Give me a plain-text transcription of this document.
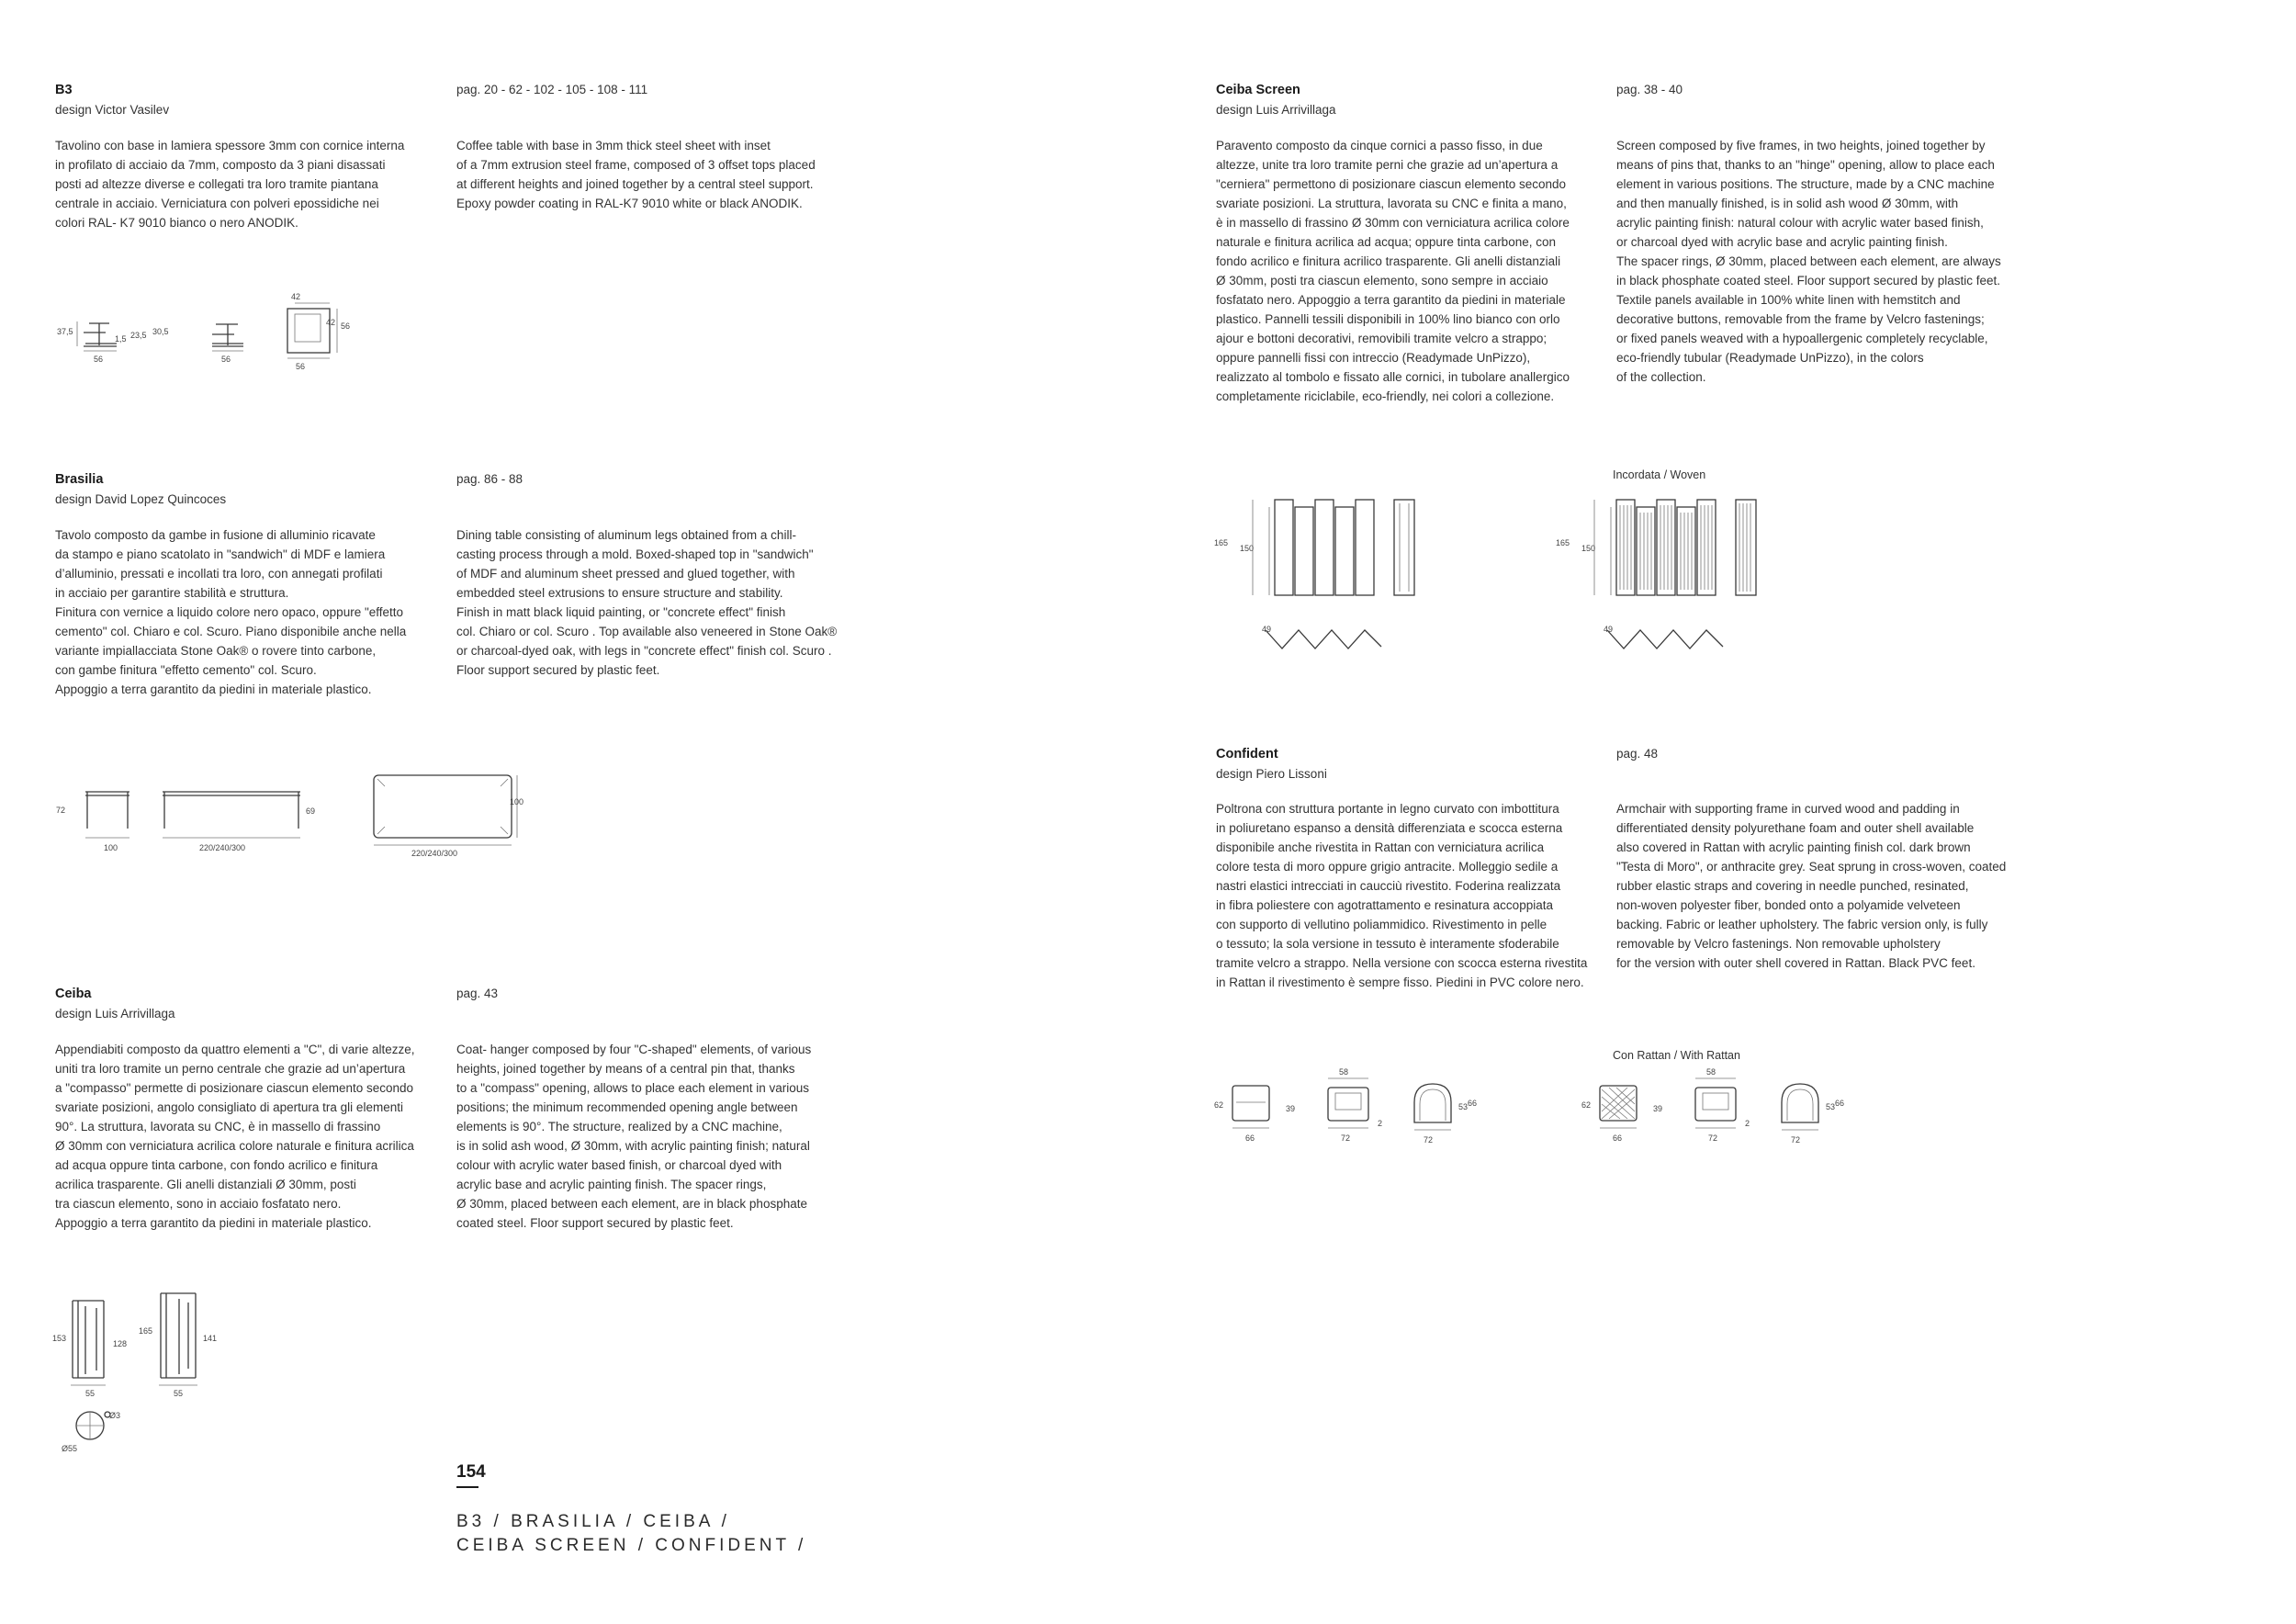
B3
design Victor Vasilev
pag. 20 - 62 - 102 - 105 - 108 - 111
Tavolino con base in lamiera spessore 3mm con cornice interna
in profilato di acciaio da 7mm, composto da 3 piani disassati
posti ad altezze diverse e collegati tra loro tramite piantana
centrale in acciaio. Verniciatura con polveri epossidiche nei
colori RAL- K7 9010 bianco o nero ANODIK.
Coffee table with base in 3mm thick steel sheet with inset
of a 7mm extrusion steel frame, composed of 3 offset tops placed
at different heights and joined together by a central steel support.
Epoxy powder coating in RAL-K7 9010 white or black ANODIK.
37,5
56
1,5 23,5 30,5
56
42
42 56
56
Brasilia
design David Lopez Quincoces
pag. 86 - 88
Tavolo composto da gambe in fusione di alluminio ricavate
da stampo e piano scatolato in "sandwich" di MDF e lamiera
d’alluminio, pressati e incollati tra loro, con annegati profilati
in acciaio per garantire stabilità e struttura.
Finitura con vernice a liquido colore nero opaco, oppure "effetto
cemento" col. Chiaro e col. Scuro. Piano disponibile anche nella
variante impiallacciata Stone Oak® o rovere tinto carbone,
con gambe finitura "effetto cemento" col. Scuro.
Appoggio a terra garantito da piedini in materiale plastico.
Dining table consisting of aluminum legs obtained from a chill-
casting process through a mold. Boxed-shaped top in "sandwich"
of MDF and aluminum sheet pressed and glued together, with
embedded steel extrusions to ensure structure and stability.
Finish in matt black liquid painting, or "concrete effect" finish
col. Chiaro or col. Scuro . Top available also veneered in Stone Oak®
or charcoal-dyed oak, with legs in "concrete effect" finish col. Scuro .
Floor support secured by plastic feet.
72
100	220/240/300
69
100
220/240/300
Ceiba
design Luis Arrivillaga
pag. 43
Appendiabiti composto da quattro elementi a "C", di varie altezze,
uniti tra loro tramite un perno centrale che grazie ad un’apertura
a "compasso" permette di posizionare ciascun elemento secondo
svariate posizioni, angolo consigliato di apertura tra gli elementi
90°. La struttura, lavorata su CNC, è in massello di frassino
Ø 30mm con verniciatura acrilica colore naturale e finitura acrilica
ad acqua oppure tinta carbone, con fondo acrilico e finitura
acrilica trasparente. Gli anelli distanziali Ø 30mm, posti
tra ciascun elemento, sono in acciaio fosfatato nero.
Appoggio a terra garantito da piedini in materiale plastico.
Coat- hanger composed by four "C-shaped" elements, of various
heights, joined together by means of a central pin that, thanks
to a "compass" opening, allows to place each element in various
positions; the minimum recommended opening angle between
elements is 90°. The structure, realized by a CNC machine,
is in solid ash wood, Ø 30mm, with acrylic painting finish; natural
colour with acrylic water based finish, or charcoal dyed with
acrylic base and acrylic painting finish. The spacer rings,
Ø 30mm, placed between each element, are in black phosphate
coated steel. Floor support secured by plastic feet.
153
128
55
165
141
55
Ø3
Ø55
154
B3 / BRASILIA / CEIBA /
CEIBA SCREEN / CONFIDENT /
Ceiba Screen
design Luis Arrivillaga
pag. 38 - 40
Paravento composto da cinque cornici a passo fisso, in due
altezze, unite tra loro tramite perni che grazie ad un’apertura a
"cerniera" permettono di posizionare ciascun elemento secondo
svariate posizioni. La struttura, lavorata su CNC e finita a mano,
è in massello di frassino Ø 30mm con verniciatura acrilica colore
naturale e finitura acrilica ad acqua; oppure tinta carbone, con
fondo acrilico e finitura acrilico trasparente. Gli anelli distanziali
Ø 30mm, posti tra ciascun elemento, sono sempre in acciaio
fosfatato nero. Appoggio a terra garantito da piedini in materiale
plastico. Pannelli tessili disponibili in 100% lino bianco con orlo
ajour e bottoni decorativi, removibili tramite velcro a strappo;
oppure pannelli fissi con intreccio (Readymade UnPizzo),
realizzato al tombolo e fissato alle cornici, in tubolare anallergico
completamente riciclabile, eco-friendly, nei colori a collezione.
Screen composed by five frames, in two heights, joined together by
means of pins that, thanks to an "hinge" opening, allow to place each
element in various positions. The structure, made by a CNC machine
and then manually finished, is in solid ash wood Ø 30mm, with
acrylic painting finish: natural colour with acrylic water based finish,
or charcoal dyed with acrylic base and acrylic painting finish.
The spacer rings, Ø 30mm, placed between each element, are always
in black phosphate coated steel. Floor support secured by plastic feet.
Textile panels available in 100% white linen with hemstitch and
decorative buttons, removable from the frame by Velcro fastenings;
or fixed panels weaved with a hypoallergenic completely recyclable,
eco-friendly tubular (Readymade UnPizzo), in the colors
of the collection.
Incordata / Woven
165
150
49
165
150
49
Confident
design Piero Lissoni
pag. 48
Poltrona con struttura portante in legno curvato con imbottitura
in poliuretano espanso a densità differenziata e scocca esterna
disponibile anche rivestita in Rattan con verniciatura acrilica
colore testa di moro oppure grigio antracite. Molleggio sedile a
nastri elastici intrecciati in caucciù rivestito. Foderina realizzata
in fibra poliestere con agotrattamento e resinatura accoppiata
con supporto di vellutino poliammidico. Rivestimento in pelle
o tessuto; la sola versione in tessuto è interamente sfoderabile
tramite velcro a strappo. Nella versione con scocca esterna rivestita
in Rattan il rivestimento è sempre fisso. Piedini in PVC colore nero.
Armchair with supporting frame in curved wood and padding in
differentiated density polyurethane foam and outer shell available
also covered in Rattan with acrylic painting finish col. dark brown
"Testa di Moro", or anthracite grey. Seat sprung in cross-woven, coated
rubber elastic straps and covering in needle punched, resinated,
non-woven polyester fiber, bonded onto a polyamide velveteen
backing. Fabric or leather upholstery. The fabric version only, is fully
removable by Velcro fastenings. Non removable upholstery
for the version with outer shell covered in Rattan. Black PVC feet.
Con Rattan / With Rattan
62
66
39
58
72
2
72
53 66	62
66
39
58
72
2
72
53 66
